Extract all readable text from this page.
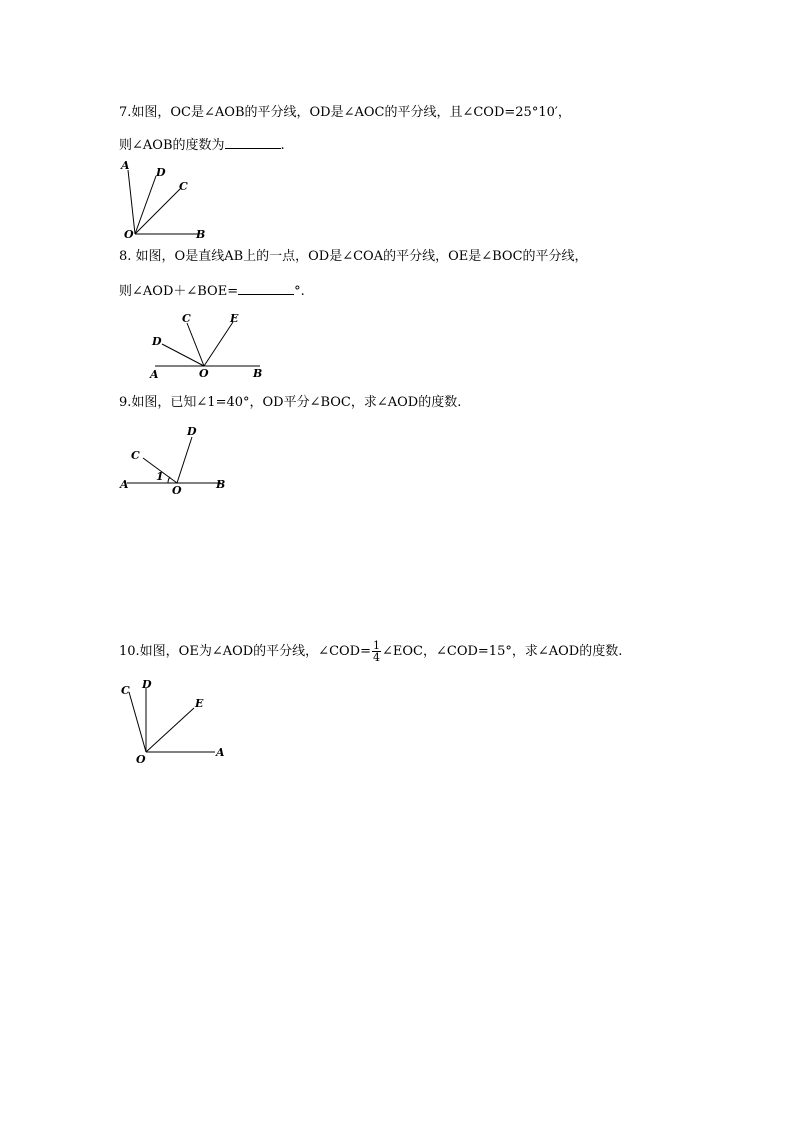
7.如图，OC是∠AOB的平分线，OD是∠AOC的平分线，且∠COD=25°10′，
则∠AOB的度数为	.
A
D
C
O	B
8. 如图，O是直线AB上的一点，OD是∠COA的平分线，OE是∠BOC的平分线，
则∠AOD＋∠BOE=	°.
C	E
D
A	O	B
9.如图，已知∠1=40°，OD平分∠BOC，求∠AOD的度数.
D
C
A
1
O	B
10.如图，OE为∠AOD的平分线，∠COD= $\frac{1}{4}$ ∠EOC，∠COD=15°，求∠AOD的度数.
C D
E
O
A
